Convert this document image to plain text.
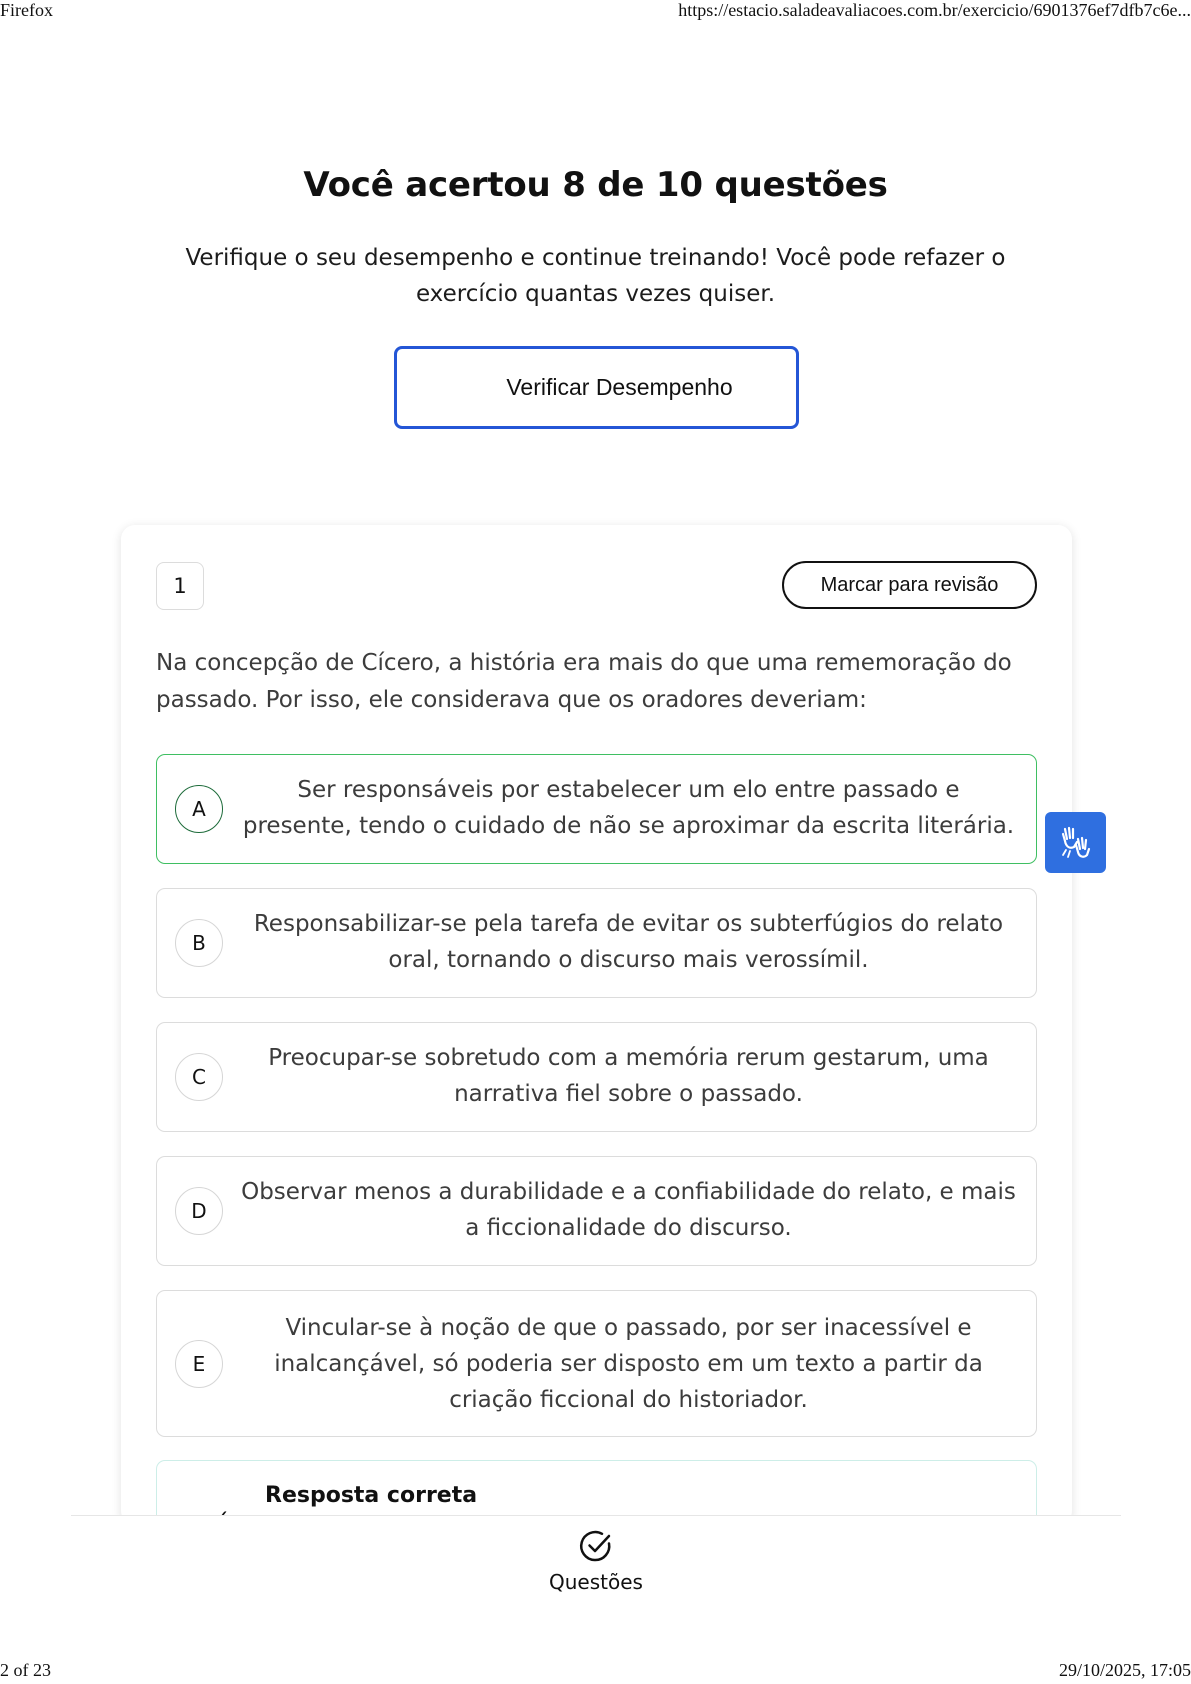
Firefox	https://estacio.saladeavaliacoes.com.br/exercicio/6901376ef7dfb7c6e...
Você acertou 8 de 10 questões

Verifique o seu desempenho e continue treinando! Você pode refazer o exercício quantas vezes quiser.

Verificar Desempenho
1	Marcar para revisão

Na concepção de Cícero, a história era mais do que uma rememoração do passado. Por isso, ele considerava que os oradores deveriam:

A
Ser responsáveis por estabelecer um elo entre passado e presente, tendo o cuidado de não se aproximar da escrita literária.
B
Responsabilizar-se pela tarefa de evitar os subterfúgios do relato oral, tornando o discurso mais verossímil.
C
Preocupar-se sobretudo com a memória rerum gestarum, uma narrativa fiel sobre o passado.
D
Observar menos a durabilidade e a confiabilidade do relato, e mais a ficcionalidade do discurso.
E
Vincular-se à noção de que o passado, por ser inacessível e inalcançável, só poderia ser disposto em um texto a partir da criação ficcional do historiador.
Resposta correta
Questões
2 of 23	29/10/2025, 17:05
